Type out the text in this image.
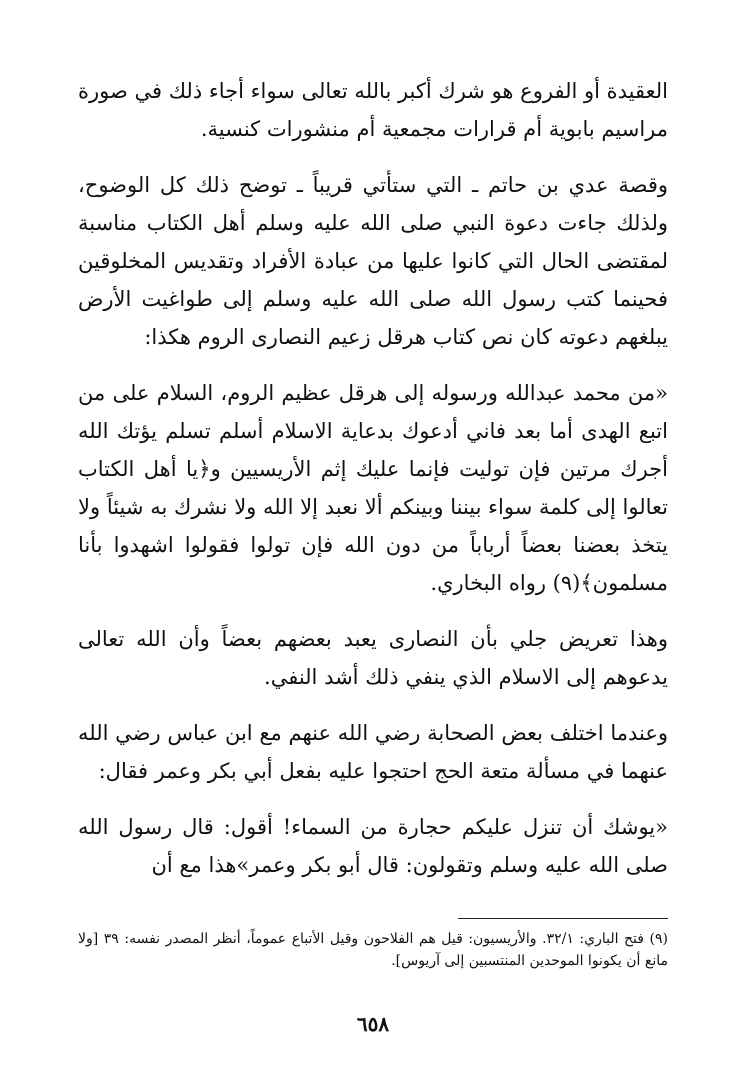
العقيدة أو الفروع هو شرك أكبر بالله تعالى سواء أجاء ذلك في صورة مراسيم بابوية أم قرارات مجمعية أم منشورات كنسية.

وقصة عدي بن حاتم ـ التي ستأتي قريباً ـ توضح ذلك كل الوضوح، ولذلك جاءت دعوة النبي صلى الله عليه وسلم أهل الكتاب مناسبة لمقتضى الحال التي كانوا عليها من عبادة الأفراد وتقديس المخلوقين فحينما كتب رسول الله صلى الله عليه وسلم إلى طواغيت الأرض يبلغهم دعوته كان نص كتاب هرقل زعيم النصارى الروم هكذا:

«من محمد عبدالله ورسوله إلى هرقل عظيم الروم، السلام على من اتبع الهدى أما بعد فاني أدعوك بدعاية الاسلام أسلم تسلم يؤتك الله أجرك مرتين فإن توليت فإنما عليك إثم الأريسيين و﴿يا أهل الكتاب تعالوا إلى كلمة سواء بيننا وبينكم ألا نعبد إلا الله ولا نشرك به شيئاً ولا يتخذ بعضنا بعضاً أرباباً من دون الله فإن تولوا فقولوا اشهدوا بأنا مسلمون﴾(٩) رواه البخاري.

وهذا تعريض جلي بأن النصارى يعبد بعضهم بعضاً وأن الله تعالى يدعوهم إلى الاسلام الذي ينفي ذلك أشد النفي.

وعندما اختلف بعض الصحابة رضي الله عنهم مع ابن عباس رضي الله عنهما في مسألة متعة الحج احتجوا عليه بفعل أبي بكر وعمر فقال:

«يوشك أن تنزل عليكم حجارة من السماء! أقول: قال رسول الله صلى الله عليه وسلم وتقولون: قال أبو بكر وعمر»هذا مع أن

(٩) فتح الباري: ٣٢/١. والأريسيون: قيل هم الفلاحون وقيل الأتباع عموماً، أنظر المصدر نفسه: ٣٩ [ولا مانع أن يكونوا الموحدين المنتسبين إلى آريوس].
٦٥٨
